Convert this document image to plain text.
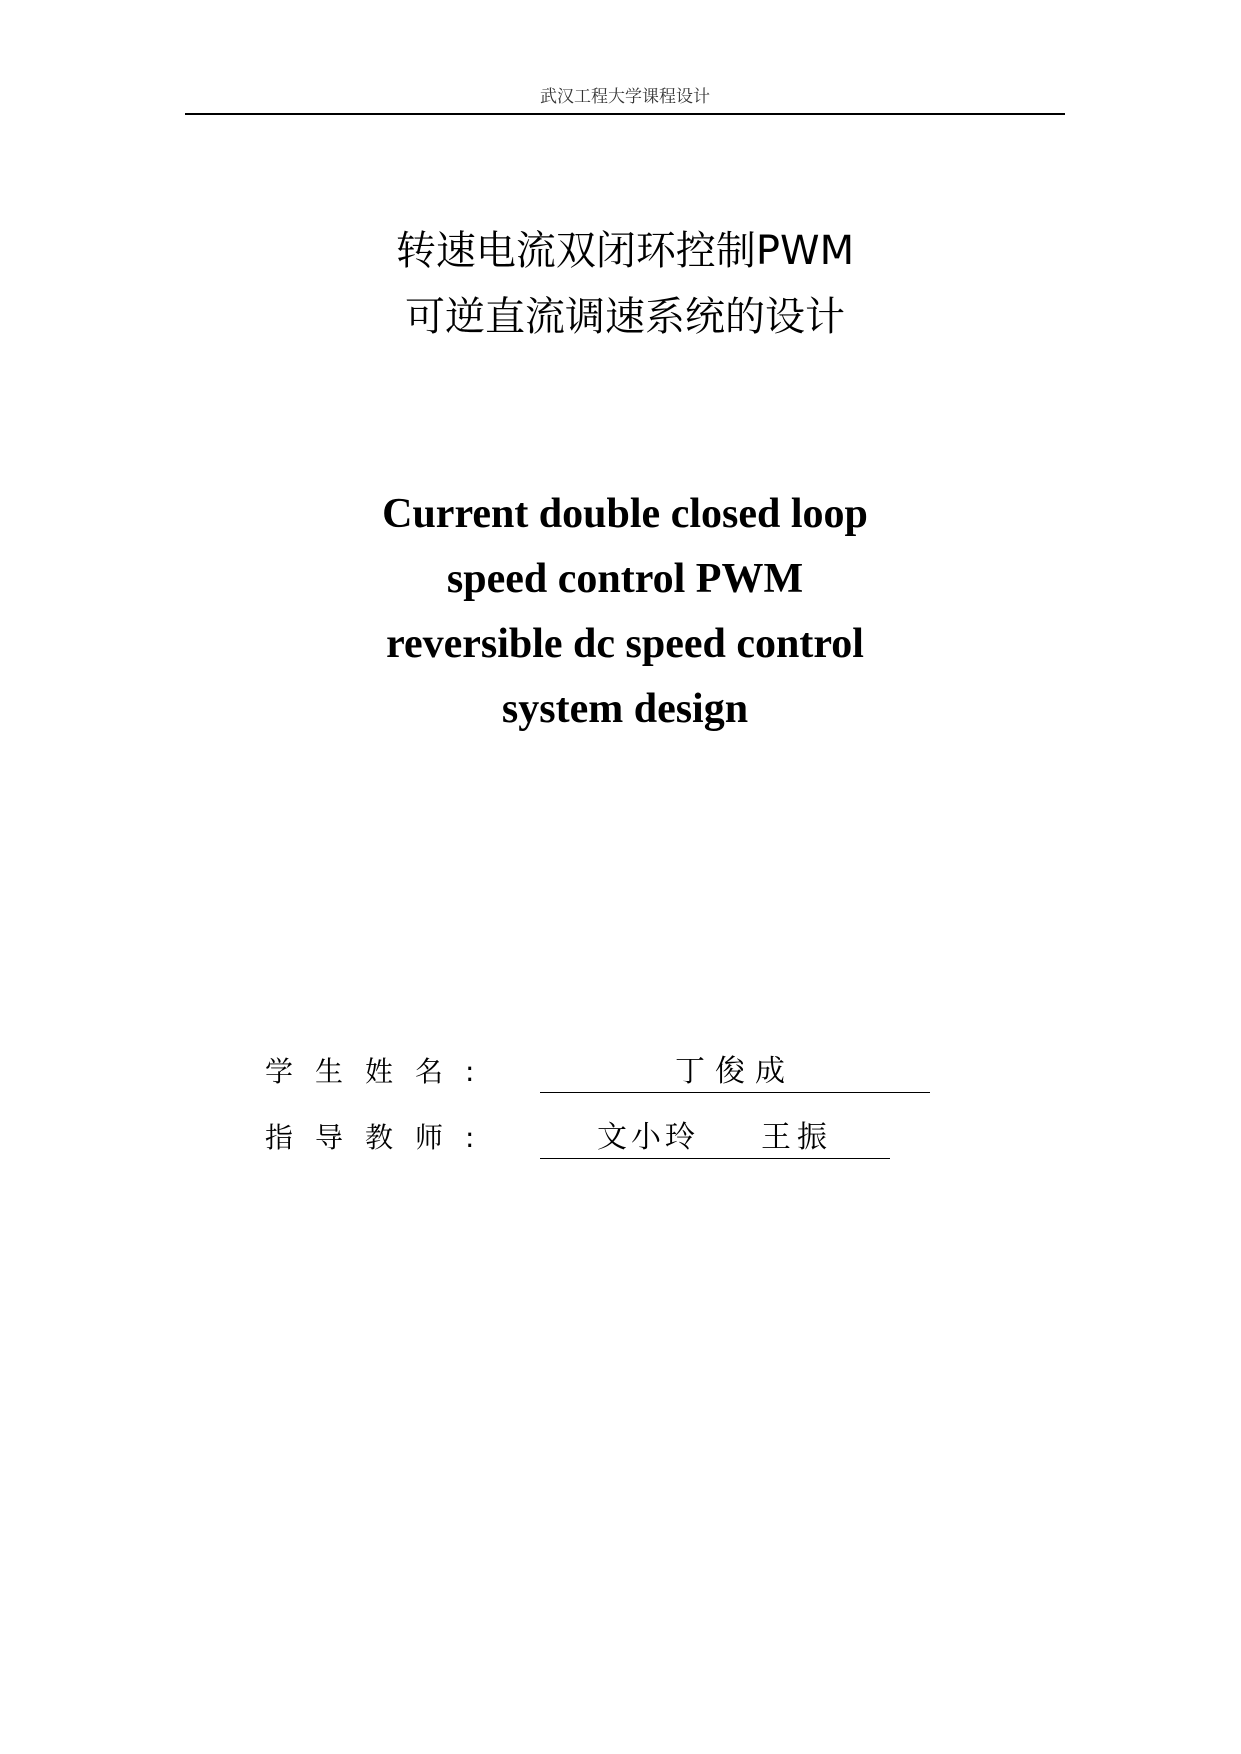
武汉工程大学课程设计
转速电流双闭环控制PWM
可逆直流调速系统的设计
Current double closed loop
speed control PWM
reversible dc speed control
system design
学生姓名:	丁俊成
指导教师:	文小玲 王振
